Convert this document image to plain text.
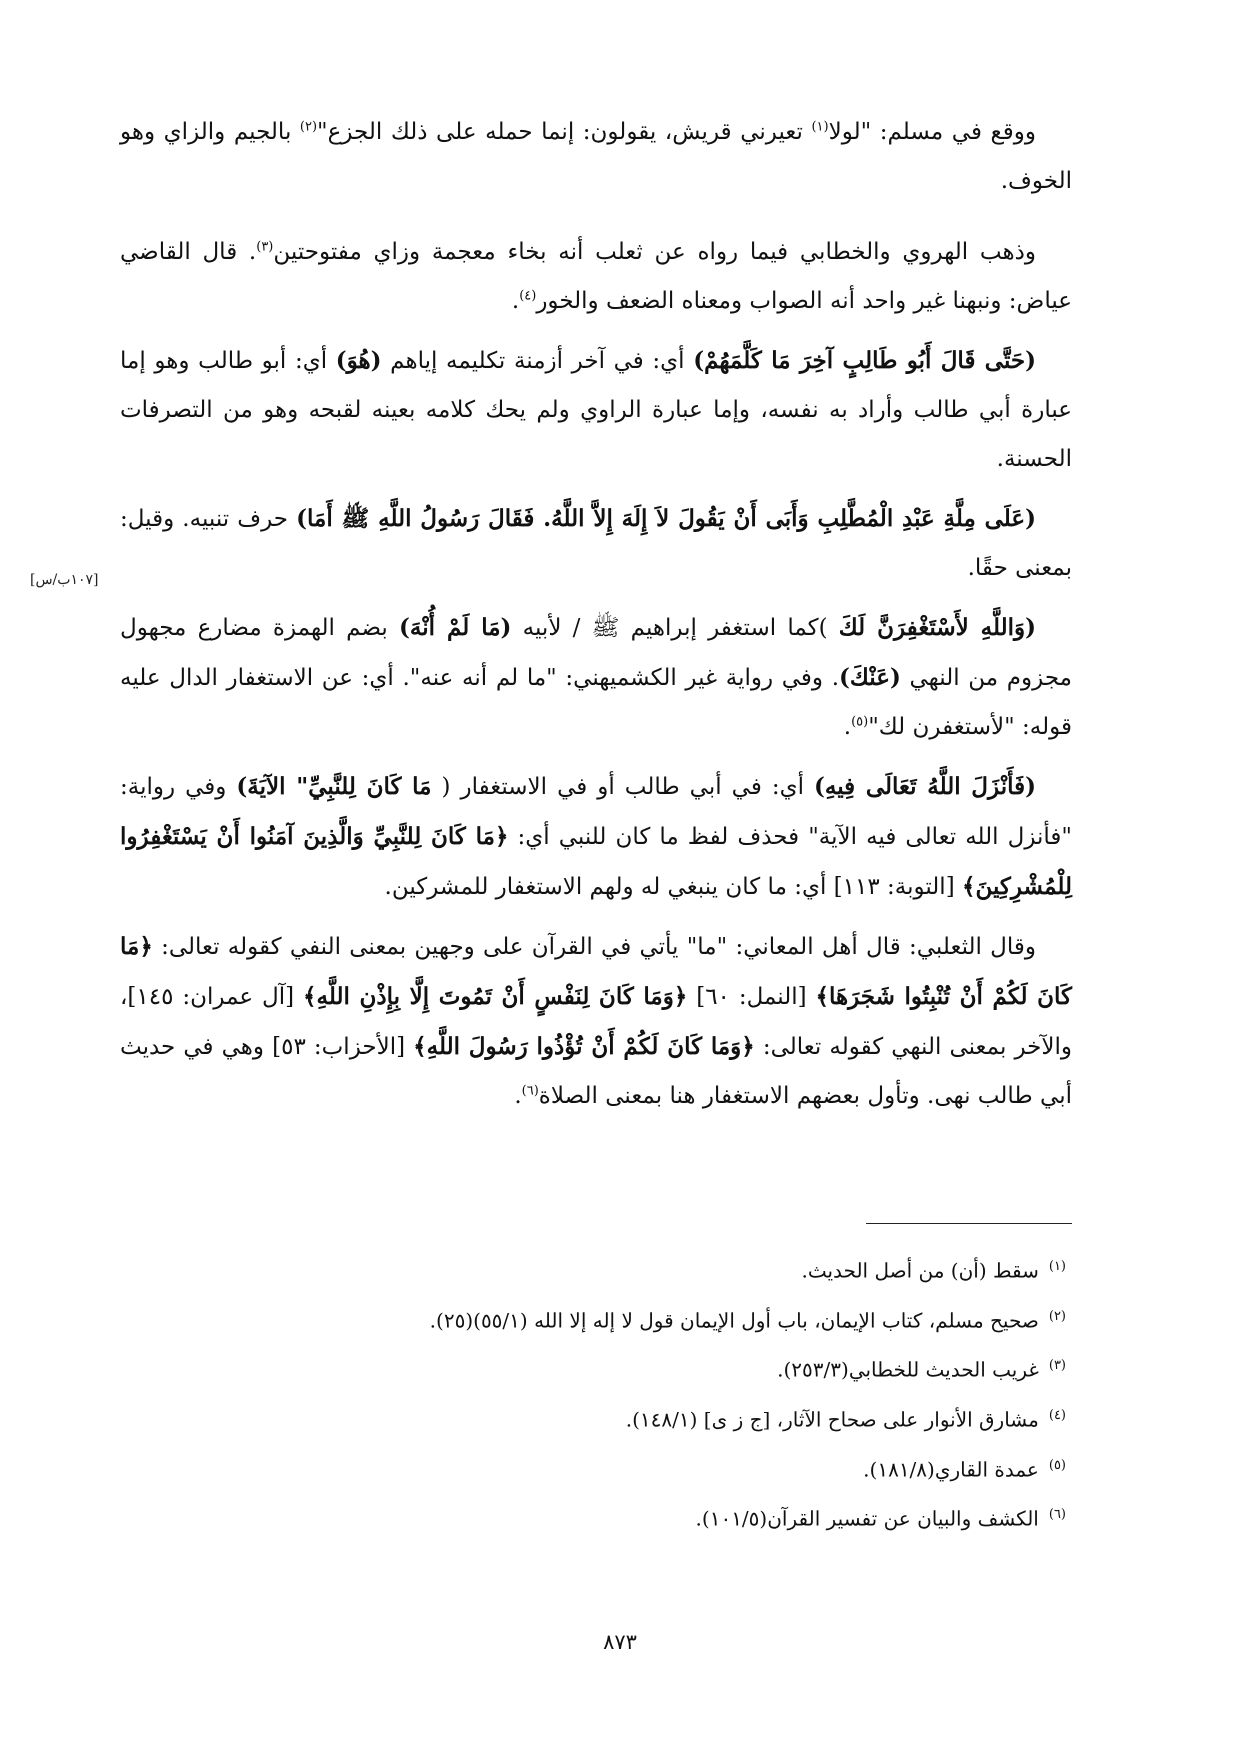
[١٠٧ب/س]

ووقع في مسلم: "لولا$^{(١)}$ تعيرني قريش، يقولون: إنما حمله على ذلك الجزع"$^{(٢)}$ بالجيم والزاي وهو الخوف.

وذهب الهروي والخطابي فيما رواه عن ثعلب أنه بخاء معجمة وزاي مفتوحتين$^{(٣)}$. قال القاضي عياض: ونبهنا غير واحد أنه الصواب ومعناه الضعف والخور$^{(٤)}$.

(حَتَّى قَالَ أَبُو طَالِبٍ آخِرَ مَا كَلَّمَهُمْ) أي: في آخر أزمنة تكليمه إياهم (هُوَ) أي: أبو طالب وهو إما عبارة أبي طالب وأراد به نفسه، وإما عبارة الراوي ولم يحك كلامه بعينه لقبحه وهو من التصرفات الحسنة.

(عَلَى مِلَّةِ عَبْدِ الْمُطَّلِبِ وَأَبَى أَنْ يَقُولَ لاَ إِلَهَ إِلاَّ اللَّهُ. فَقَالَ رَسُولُ اللَّهِ ﷺ أَمَا) حرف تنبيه. وقيل: بمعنى حقًا.

(وَاللَّهِ لأَسْتَغْفِرَنَّ لَكَ )كما استغفر إبراهيم ﷺ / لأبيه (مَا لَمْ أُنْهَ) بضم الهمزة مضارع مجهول مجزوم من النهي (عَنْكَ). وفي رواية غير الكشميهني: "ما لم أنه عنه". أي: عن الاستغفار الدال عليه قوله: "لأستغفرن لك"$^{(٥)}$.

(فَأَنْزَلَ اللَّهُ تَعَالَى فِيهِ) أي: في أبي طالب أو في الاستغفار ( مَا كَانَ لِلنَّبِيِّ" الآيَةَ) وفي رواية: "فأنزل الله تعالى فيه الآية" فحذف لفظ ما كان للنبي أي: ﴿مَا كَانَ لِلنَّبِيِّ وَالَّذِينَ آمَنُوا أَنْ يَسْتَغْفِرُوا لِلْمُشْرِكِينَ﴾ [التوبة: ١١٣] أي: ما كان ينبغي له ولهم الاستغفار للمشركين.

وقال الثعلبي: قال أهل المعاني: "ما" يأتي في القرآن على وجهين بمعنى النفي كقوله تعالى: ﴿مَا كَانَ لَكُمْ أَنْ تُنْبِتُوا شَجَرَهَا﴾ [النمل: ٦٠] ﴿وَمَا كَانَ لِنَفْسٍ أَنْ تَمُوتَ إِلَّا بِإِذْنِ اللَّهِ﴾ [آل عمران: ١٤٥]، والآخر بمعنى النهي كقوله تعالى: ﴿وَمَا كَانَ لَكُمْ أَنْ تُؤْذُوا رَسُولَ اللَّهِ﴾ [الأحزاب: ٥٣] وهي في حديث أبي طالب نهى. وتأول بعضهم الاستغفار هنا بمعنى الصلاة$^{(٦)}$.

$^{(١)}$سقط (أن) من أصل الحديث.

$^{(٢)}$صحيح مسلم، كتاب الإيمان، باب أول الإيمان قول لا إله إلا الله (٥٥/١)(٢٥).

$^{(٣)}$غريب الحديث للخطابي(٢٥٣/٣).

$^{(٤)}$مشارق الأنوار على صحاح الآثار، [ج ز ى] (١٤٨/١).

$^{(٥)}$عمدة القاري(١٨١/٨).

$^{(٦)}$الكشف والبيان عن تفسير القرآن(١٠١/٥).

٨٧٣
